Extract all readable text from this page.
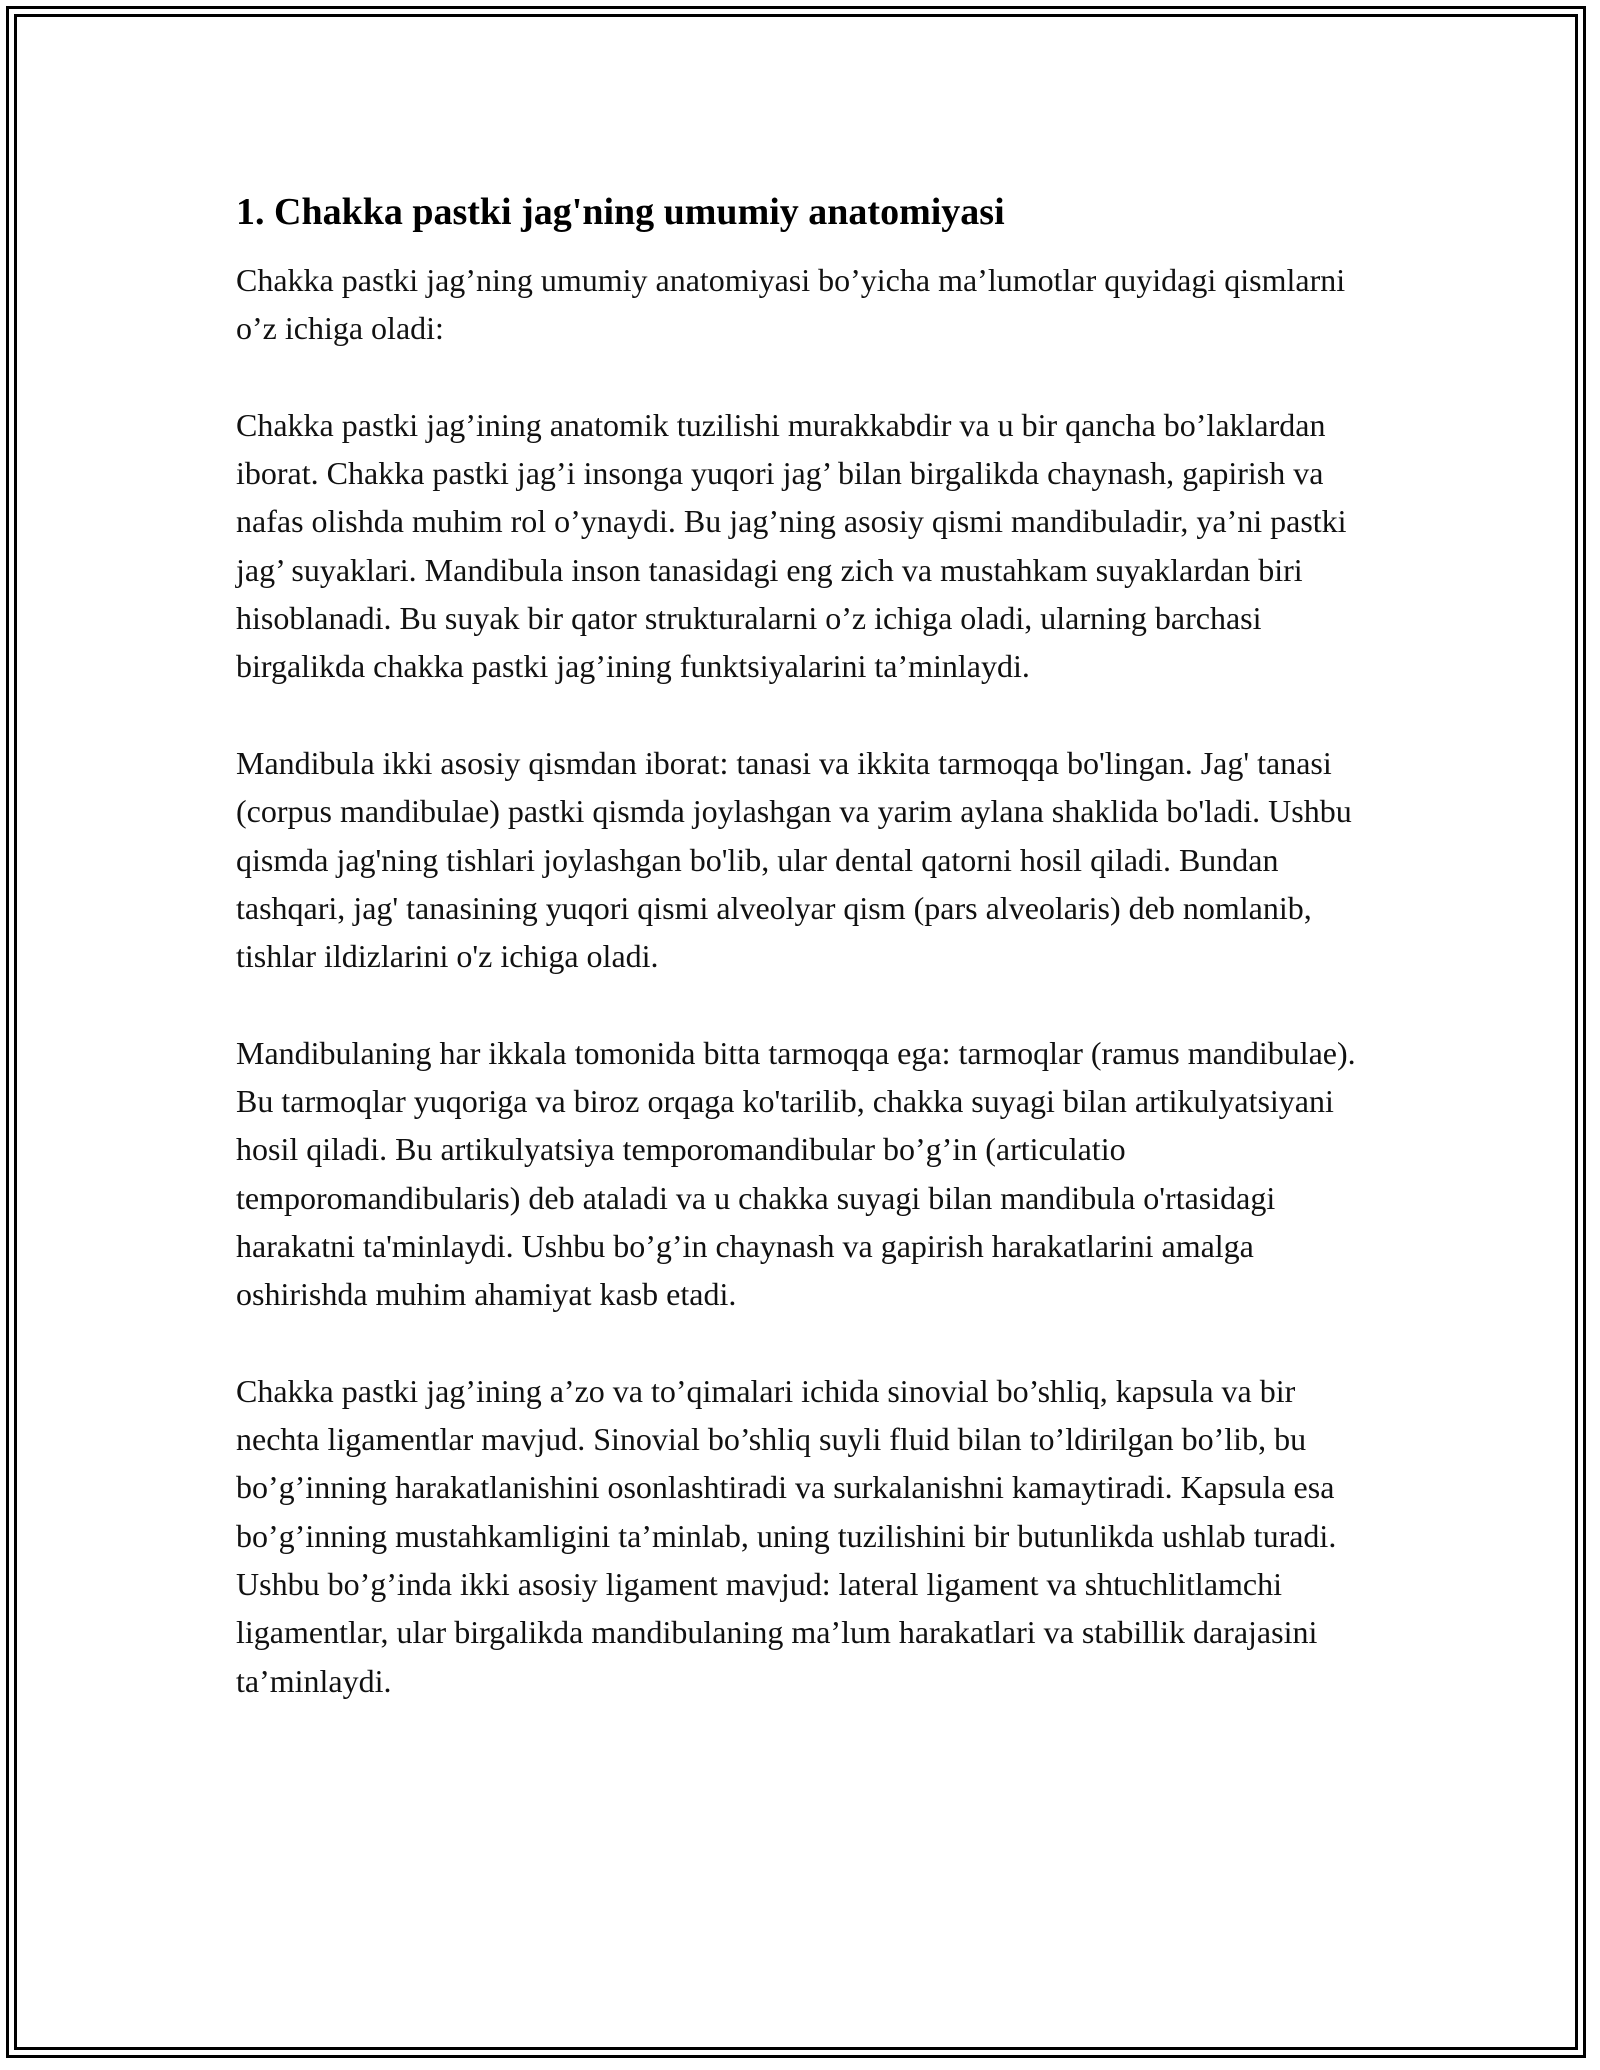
1. Chakka pastki jag'ning umumiy anatomiyasi

Chakka pastki jag’ning umumiy anatomiyasi bo’yicha ma’lumotlar quyidagi qismlarni o’z ichiga oladi:

Chakka pastki jag’ining anatomik tuzilishi murakkabdir va u bir qancha bo’laklardan iborat. Chakka pastki jag’i insonga yuqori jag’ bilan birgalikda chaynash, gapirish va nafas olishda muhim rol o’ynaydi. Bu jag’ning asosiy qismi mandibuladir, ya’ni pastki jag’ suyaklari. Mandibula inson tanasidagi eng zich va mustahkam suyaklardan biri hisoblanadi. Bu suyak bir qator strukturalarni o’z ichiga oladi, ularning barchasi birgalikda chakka pastki jag’ining funktsiyalarini ta’minlaydi.

Mandibula ikki asosiy qismdan iborat: tanasi va ikkita tarmoqqa bo'lingan. Jag' tanasi (corpus mandibulae) pastki qismda joylashgan va yarim aylana shaklida bo'ladi. Ushbu qismda jag'ning tishlari joylashgan bo'lib, ular dental qatorni hosil qiladi. Bundan tashqari, jag' tanasining yuqori qismi alveolyar qism (pars alveolaris) deb nomlanib, tishlar ildizlarini o'z ichiga oladi.

Mandibulaning har ikkala tomonida bitta tarmoqqa ega: tarmoqlar (ramus mandibulae). Bu tarmoqlar yuqoriga va biroz orqaga ko'tarilib, chakka suyagi bilan artikulyatsiyani hosil qiladi. Bu artikulyatsiya temporomandibular bo’g’in (articulatio temporomandibularis) deb ataladi va u chakka suyagi bilan mandibula o'rtasidagi harakatni ta'minlaydi. Ushbu bo’g’in chaynash va gapirish harakatlarini amalga oshirishda muhim ahamiyat kasb etadi.

Chakka pastki jag’ining a’zo va to’qimalari ichida sinovial bo’shliq, kapsula va bir nechta ligamentlar mavjud. Sinovial bo’shliq suyli fluid bilan to’ldirilgan bo’lib, bu bo’g’inning harakatlanishini osonlashtiradi va surkalanishni kamaytiradi. Kapsula esa bo’g’inning mustahkamligini ta’minlab, uning tuzilishini bir butunlikda ushlab turadi. Ushbu bo’g’inda ikki asosiy ligament mavjud: lateral ligament va shtuchlitlamchi ligamentlar, ular birgalikda mandibulaning ma’lum harakatlari va stabillik darajasini ta’minlaydi.
